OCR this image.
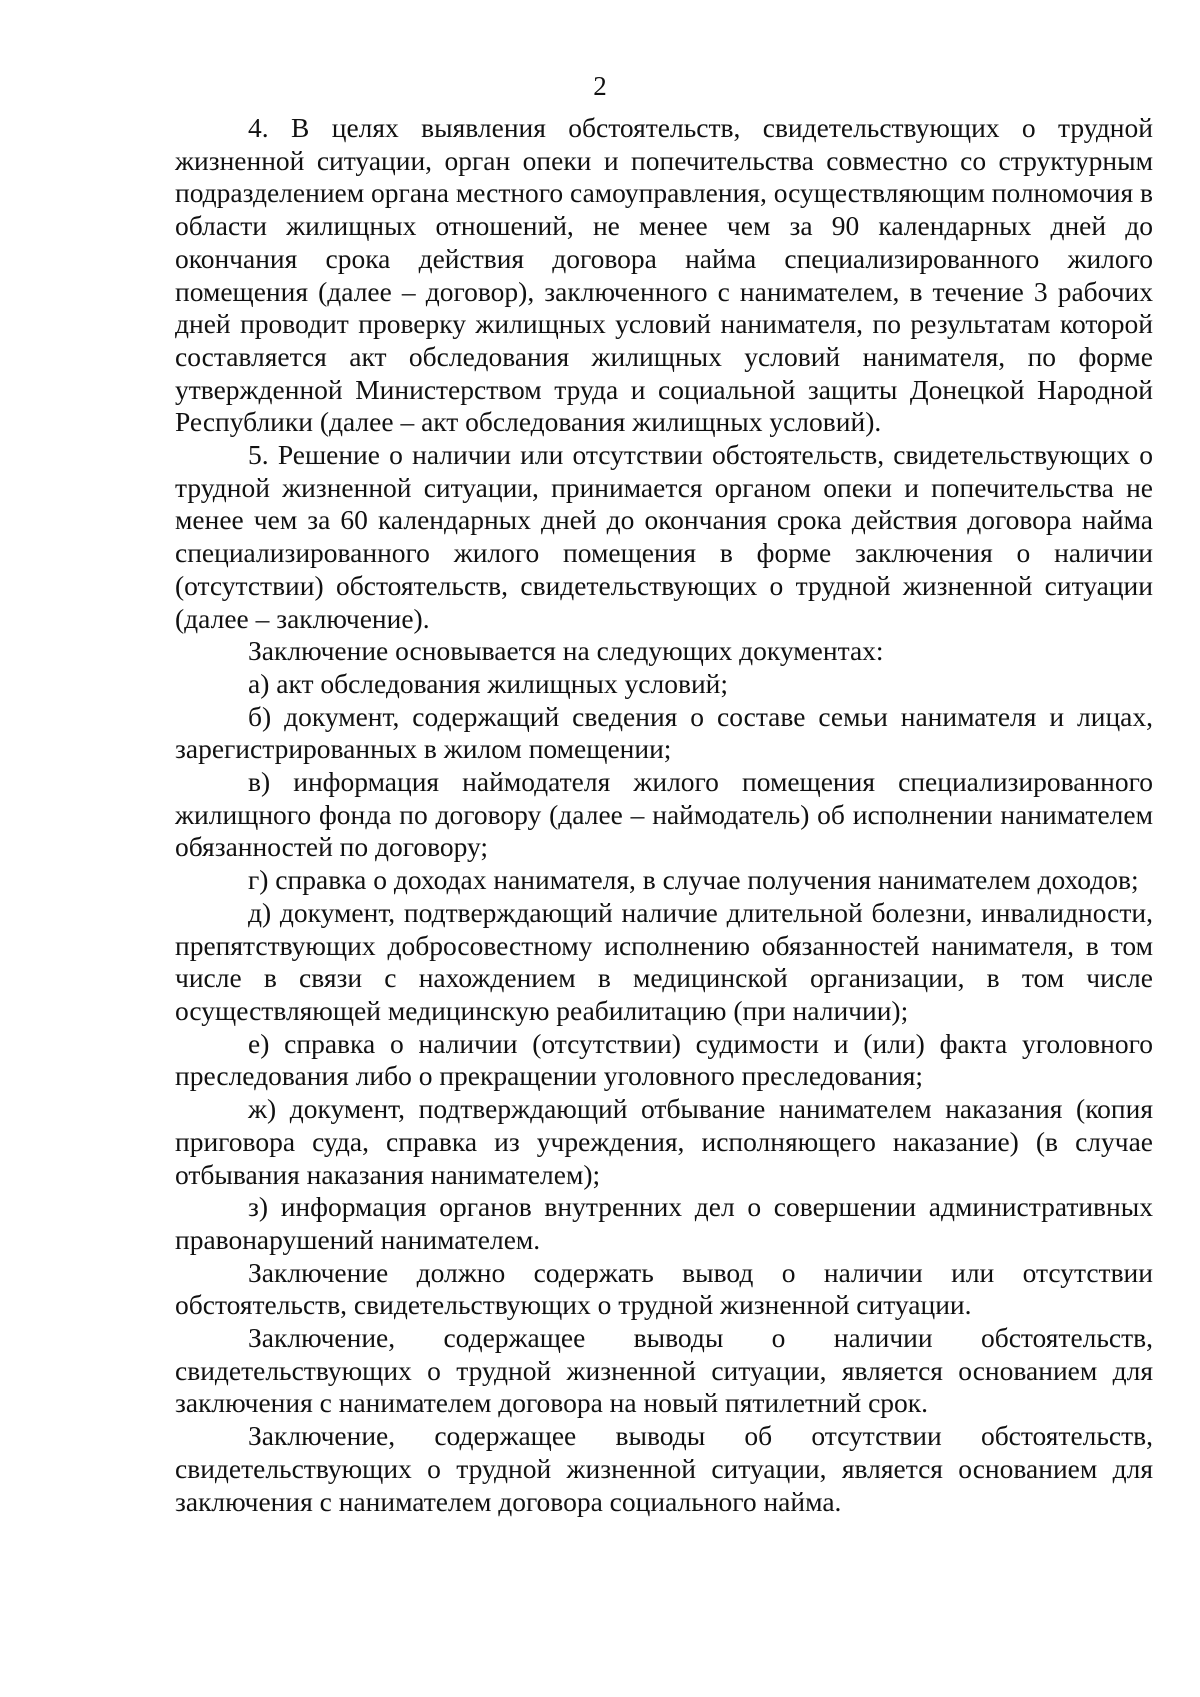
2

4. В целях выявления обстоятельств, свидетельствующих о трудной жизненной ситуации, орган опеки и попечительства совместно со структурным подразделением органа местного самоуправления, осуществляющим полномочия в области жилищных отношений, не менее чем за 90 календарных дней до окончания срока действия договора найма специализированного жилого помещения (далее – договор), заключенного с нанимателем, в течение 3 рабочих дней проводит проверку жилищных условий нанимателя, по результатам которой составляется акт обследования жилищных условий нанимателя, по форме утвержденной Министерством труда и социальной защиты Донецкой Народной Республики (далее – акт обследования жилищных условий).

5. Решение о наличии или отсутствии обстоятельств, свидетельствующих о трудной жизненной ситуации, принимается органом опеки и попечительства не менее чем за 60 календарных дней до окончания срока действия договора найма специализированного жилого помещения в форме заключения о наличии (отсутствии) обстоятельств, свидетельствующих о трудной жизненной ситуации (далее – заключение).

Заключение основывается на следующих документах:

а) акт обследования жилищных условий;

б) документ, содержащий сведения о составе семьи нанимателя и лицах, зарегистрированных в жилом помещении;

в) информация наймодателя жилого помещения специализированного жилищного фонда по договору (далее – наймодатель) об исполнении нанимателем обязанностей по договору;

г) справка о доходах нанимателя, в случае получения нанимателем доходов;

д) документ, подтверждающий наличие длительной болезни, инвалидности, препятствующих добросовестному исполнению обязанностей нанимателя, в том числе в связи с нахождением в медицинской организации, в том числе осуществляющей медицинскую реабилитацию (при наличии);

е) справка о наличии (отсутствии) судимости и (или) факта уголовного преследования либо о прекращении уголовного преследования;

ж) документ, подтверждающий отбывание нанимателем наказания (копия приговора суда, справка из учреждения, исполняющего наказание) (в случае отбывания наказания нанимателем);

з) информация органов внутренних дел о совершении административных правонарушений нанимателем.

Заключение должно содержать вывод о наличии или отсутствии обстоятельств, свидетельствующих о трудной жизненной ситуации.

Заключение, содержащее выводы о наличии обстоятельств, свидетельствующих о трудной жизненной ситуации, является основанием для заключения с нанимателем договора на новый пятилетний срок.

Заключение, содержащее выводы об отсутствии обстоятельств, свидетельствующих о трудной жизненной ситуации, является основанием для заключения с нанимателем договора социального найма.
